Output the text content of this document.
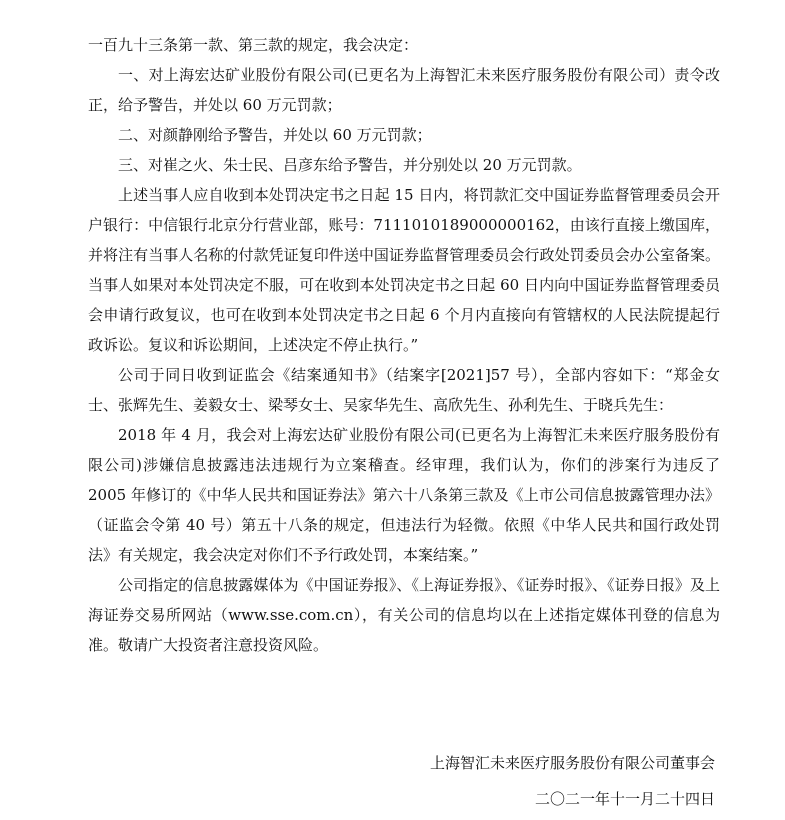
一百九十三条第一款、第三款的规定，我会决定：

一、对上海宏达矿业股份有限公司(已更名为上海智汇未来医疗服务股份有限公司）责令改正，给予警告，并处以 60 万元罚款；

二、对颜静刚给予警告，并处以 60 万元罚款；

三、对崔之火、朱士民、吕彦东给予警告，并分别处以 20 万元罚款。

上述当事人应自收到本处罚决定书之日起 15 日内，将罚款汇交中国证券监督管理委员会开户银行：中信银行北京分行营业部，账号：7111010189000000162，由该行直接上缴国库，并将注有当事人名称的付款凭证复印件送中国证券监督管理委员会行政处罚委员会办公室备案。当事人如果对本处罚决定不服，可在收到本处罚决定书之日起 60 日内向中国证券监督管理委员会申请行政复议，也可在收到本处罚决定书之日起 6 个月内直接向有管辖权的人民法院提起行政诉讼。复议和诉讼期间，上述决定不停止执行。”

公司于同日收到证监会《结案通知书》（结案字[2021]57 号），全部内容如下：“郑金女士、张辉先生、姜毅女士、梁琴女士、吴家华先生、高欣先生、孙利先生、于晓兵先生：

2018 年 4 月，我会对上海宏达矿业股份有限公司(已更名为上海智汇未来医疗服务股份有限公司)涉嫌信息披露违法违规行为立案稽查。经审理，我们认为，你们的涉案行为违反了 2005 年修订的《中华人民共和国证券法》第六十八条第三款及《上市公司信息披露管理办法》（证监会令第 40 号）第五十八条的规定，但违法行为轻微。依照《中华人民共和国行政处罚法》有关规定，我会决定对你们不予行政处罚，本案结案。”

公司指定的信息披露媒体为《中国证券报》、《上海证券报》、《证券时报》、《证券日报》及上海证券交易所网站（www.sse.com.cn），有关公司的信息均以在上述指定媒体刊登的信息为准。敬请广大投资者注意投资风险。

上海智汇未来医疗服务股份有限公司董事会
二〇二一年十一月二十四日
